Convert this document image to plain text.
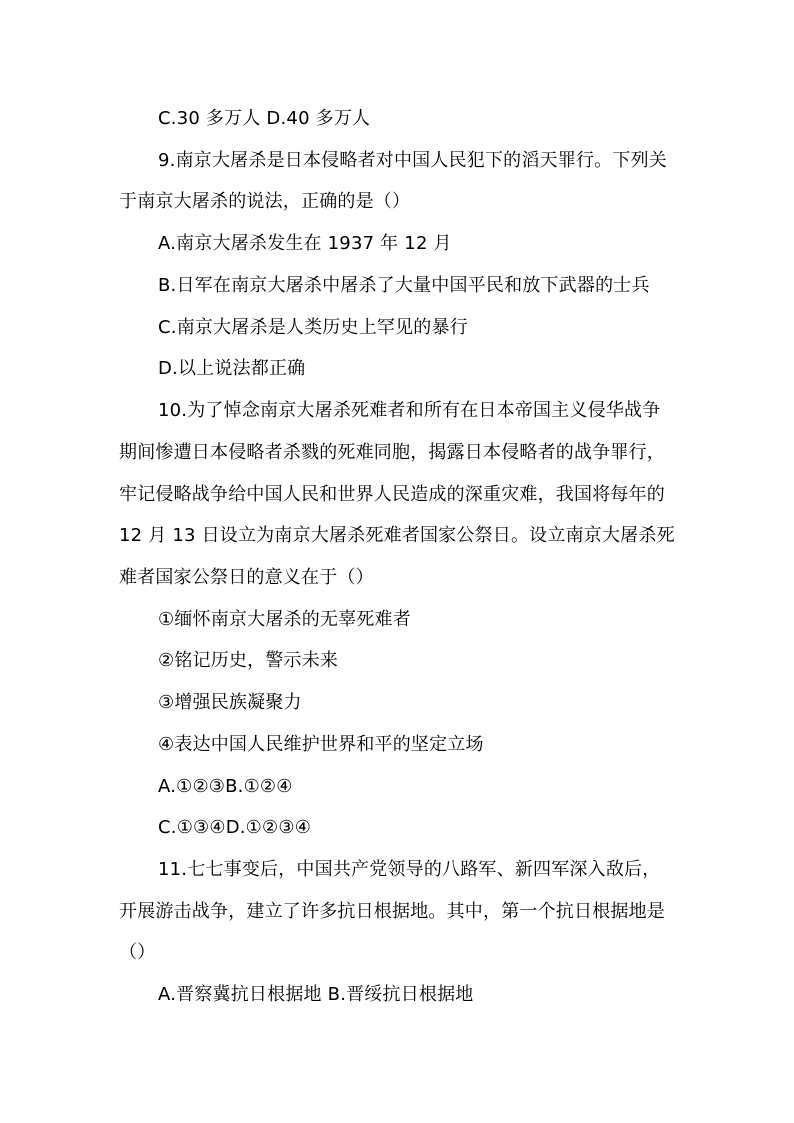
C.30 多万人 D.40 多万人
9.南京大屠杀是日本侵略者对中国人民犯下的滔天罪行。下列关
于南京大屠杀的说法，正确的是（）
A.南京大屠杀发生在 1937 年 12 月
B.日军在南京大屠杀中屠杀了大量中国平民和放下武器的士兵
C.南京大屠杀是人类历史上罕见的暴行
D.以上说法都正确
10.为了悼念南京大屠杀死难者和所有在日本帝国主义侵华战争
期间惨遭日本侵略者杀戮的死难同胞，揭露日本侵略者的战争罪行，
牢记侵略战争给中国人民和世界人民造成的深重灾难，我国将每年的
12 月 13 日设立为南京大屠杀死难者国家公祭日。设立南京大屠杀死
难者国家公祭日的意义在于（）
①缅怀南京大屠杀的无辜死难者
②铭记历史，警示未来
③增强民族凝聚力
④表达中国人民维护世界和平的坚定立场
A.①②③B.①②④
C.①③④D.①②③④
11.七七事变后，中国共产党领导的八路军、新四军深入敌后，
开展游击战争，建立了许多抗日根据地。其中，第一个抗日根据地是
（）
A.晋察冀抗日根据地 B.晋绥抗日根据地
